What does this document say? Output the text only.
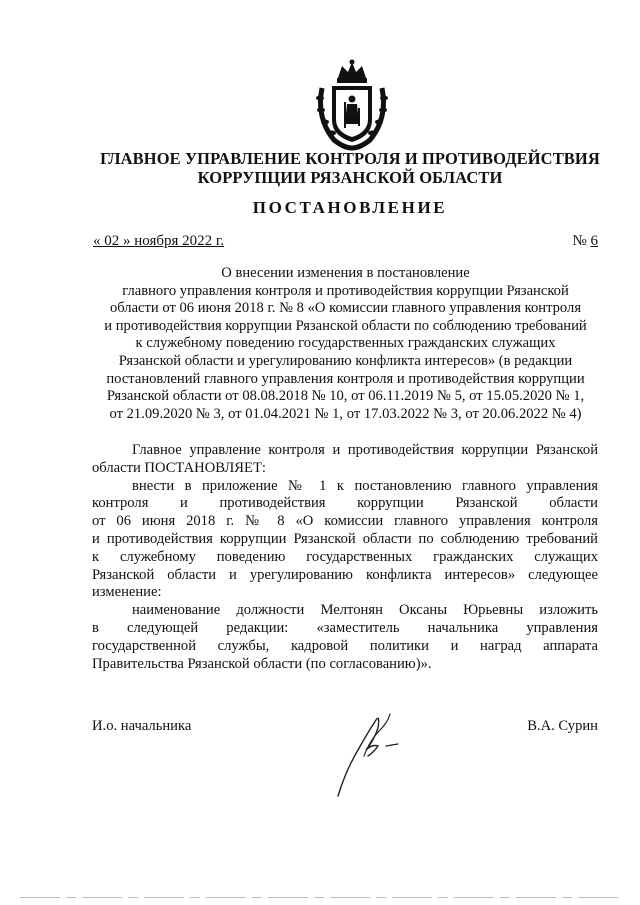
ГЛАВНОЕ УПРАВЛЕНИЕ КОНТРОЛЯ И ПРОТИВОДЕЙСТВИЯ
КОРРУПЦИИ РЯЗАНСКОЙ ОБЛАСТИ
ПОСТАНОВЛЕНИЕ
« 02 » ноября 2022 г.	№ 6
О внесении изменения в постановление
главного управления контроля и противодействия коррупции Рязанской
области от 06 июня 2018 г. № 8 «О комиссии главного управления контроля
и противодействия коррупции Рязанской области по соблюдению требований
к служебному поведению государственных гражданских служащих
Рязанской области и урегулированию конфликта интересов» (в редакции
постановлений главного управления контроля и противодействия коррупции
Рязанской области от 08.08.2018 № 10, от 06.11.2019 № 5, от 15.05.2020 № 1,
от 21.09.2020 № 3, от 01.04.2021 № 1, от 17.03.2022 № 3, от 20.06.2022 № 4)
Главное управление контроля и противодействия коррупции Рязанской
области ПОСТАНОВЛЯЕТ:
внести в приложение № 1 к постановлению главного управления
контроля и противодействия коррупции Рязанской области
от 06 июня 2018 г. № 8 «О комиссии главного управления контроля
и противодействия коррупции Рязанской области по соблюдению требований
к служебному поведению государственных гражданских служащих
Рязанской области и урегулированию конфликта интересов» следующее
изменение:
наименование должности Мелтонян Оксаны Юрьевны изложить
в следующей редакции: «заместитель начальника управления
государственной службы, кадровой политики и наград аппарата
Правительства Рязанской области (по согласованию)».
И.о. начальника	В.А. Сурин
